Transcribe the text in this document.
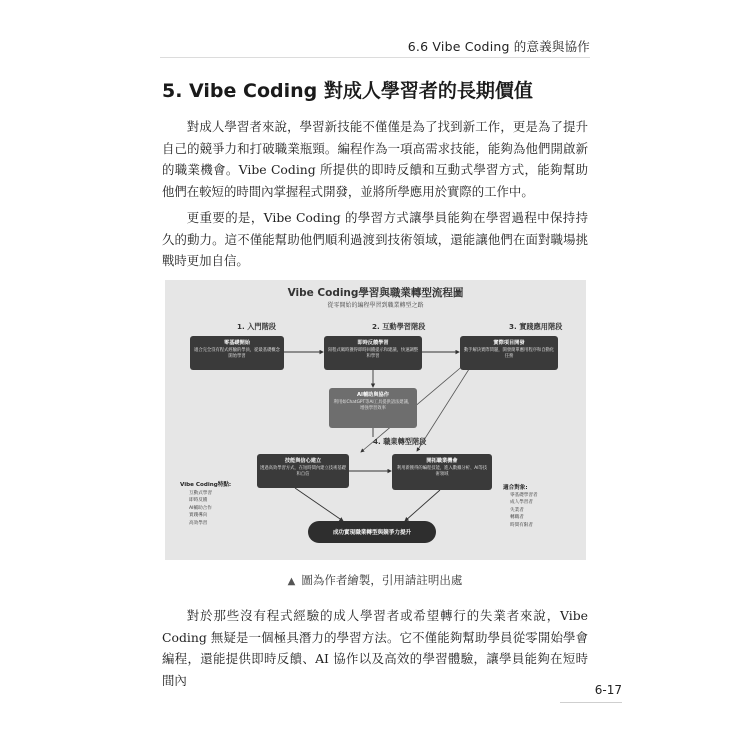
6.6 Vibe Coding 的意義與協作
5. Vibe Coding 對成人學習者的長期價值

對成人學習者來說，學習新技能不僅僅是為了找到新工作，更是為了提升自己的競爭力和打破職業瓶頸。編程作為一項高需求技能，能夠為他們開啟新的職業機會。Vibe Coding 所提供的即時反饋和互動式學習方式，能夠幫助他們在較短的時間內掌握程式開發，並將所學應用於實際的工作中。

更重要的是，Vibe Coding 的學習方式讓學員能夠在學習過程中保持持久的動力。這不僅能幫助他們順利過渡到技術領域，還能讓他們在面對職場挑戰時更加自信。

Vibe Coding學習與職業轉型流程圖
從零開始的編程學習到職業轉型之路
1. 入門階段	2. 互動學習階段	3. 實踐應用階段
4. 職業轉型階段
零基礎開始
適合完全沒有程式經驗的學員，從最基礎概念開始學習
即時反饋學習
寫程式碼時獲得即時回饋提示和建議，快速調整和學習
實際項目開發
動手解決實際問題，開發簡單應用程序和自動化任務
AI輔助與協作
利用如ChatGPT等AI工具提供語法建議，增強學習效率
技能與信心建立
透過高效學習方式，在短時間內建立技術基礎和自信
開拓職業機會
利用新獲得的編程技能，進入數據分析、AI等技術領域
成功實現職業轉型與競爭力提升
Vibe Coding特點:
互動式學習
即時反饋
AI輔助合作
實踐導向
高效學習
適合對象:
零基礎學習者
成人學習者
失業者
轉職者
時間有限者
▲ 圖為作者繪製，引用請註明出處

對於那些沒有程式經驗的成人學習者或希望轉行的失業者來說，Vibe Coding 無疑是一個極具潛力的學習方法。它不僅能夠幫助學員從零開始學會編程，還能提供即時反饋、AI 協作以及高效的學習體驗，讓學員能夠在短時間內

6-17
